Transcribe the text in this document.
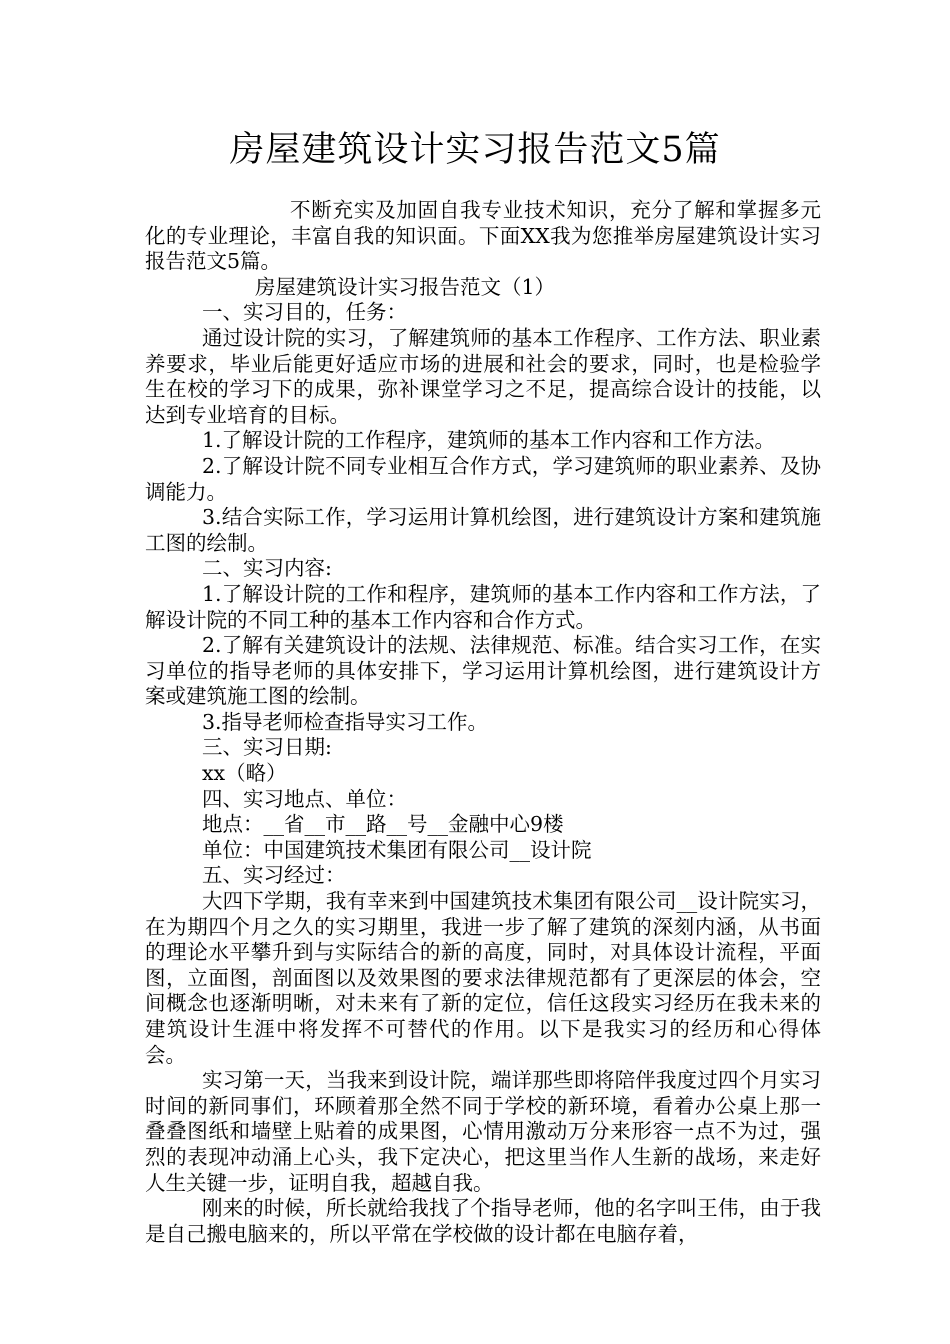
房屋建筑设计实习报告范文5篇

不断充实及加固自我专业技术知识，充分了解和掌握多元化的专业理论，丰富自我的知识面。下面XX我为您推举房屋建筑设计实习报告范文5篇。

房屋建筑设计实习报告范文（1）

一、实习目的，任务：

通过设计院的实习，了解建筑师的基本工作程序、工作方法、职业素养要求，毕业后能更好适应市场的进展和社会的要求，同时，也是检验学生在校的学习下的成果，弥补课堂学习之不足，提高综合设计的技能，以达到专业培育的目标。

1.了解设计院的工作程序，建筑师的基本工作内容和工作方法。

2.了解设计院不同专业相互合作方式，学习建筑师的职业素养、及协调能力。

3.结合实际工作，学习运用计算机绘图，进行建筑设计方案和建筑施工图的绘制。

二、实习内容:

1.了解设计院的工作和程序，建筑师的基本工作内容和工作方法，了解设计院的不同工种的基本工作内容和合作方式。

2.了解有关建筑设计的法规、法律规范、标准。结合实习工作，在实习单位的指导老师的具体安排下，学习运用计算机绘图，进行建筑设计方案或建筑施工图的绘制。

3.指导老师检查指导实习工作。

三、实习日期:

xx（略）

四、实习地点、单位：

地点：__省__市__路__号__金融中心9楼

单位：中国建筑技术集团有限公司__设计院

五、实习经过：

大四下学期，我有幸来到中国建筑技术集团有限公司__设计院实习，在为期四个月之久的实习期里，我进一步了解了建筑的深刻内涵，从书面的理论水平攀升到与实际结合的新的高度，同时，对具体设计流程，平面图，立面图，剖面图以及效果图的要求法律规范都有了更深层的体会，空间概念也逐渐明晰，对未来有了新的定位，信任这段实习经历在我未来的建筑设计生涯中将发挥不可替代的作用。以下是我实习的经历和心得体会。

实习第一天，当我来到设计院，端详那些即将陪伴我度过四个月实习时间的新同事们，环顾着那全然不同于学校的新环境，看着办公桌上那一叠叠图纸和墙壁上贴着的成果图，心情用激动万分来形容一点不为过，强烈的表现冲动涌上心头，我下定决心，把这里当作人生新的战场，来走好人生关键一步，证明自我，超越自我。

刚来的时候，所长就给我找了个指导老师，他的名字叫王伟，由于我是自己搬电脑来的，所以平常在学校做的设计都在电脑存着，
